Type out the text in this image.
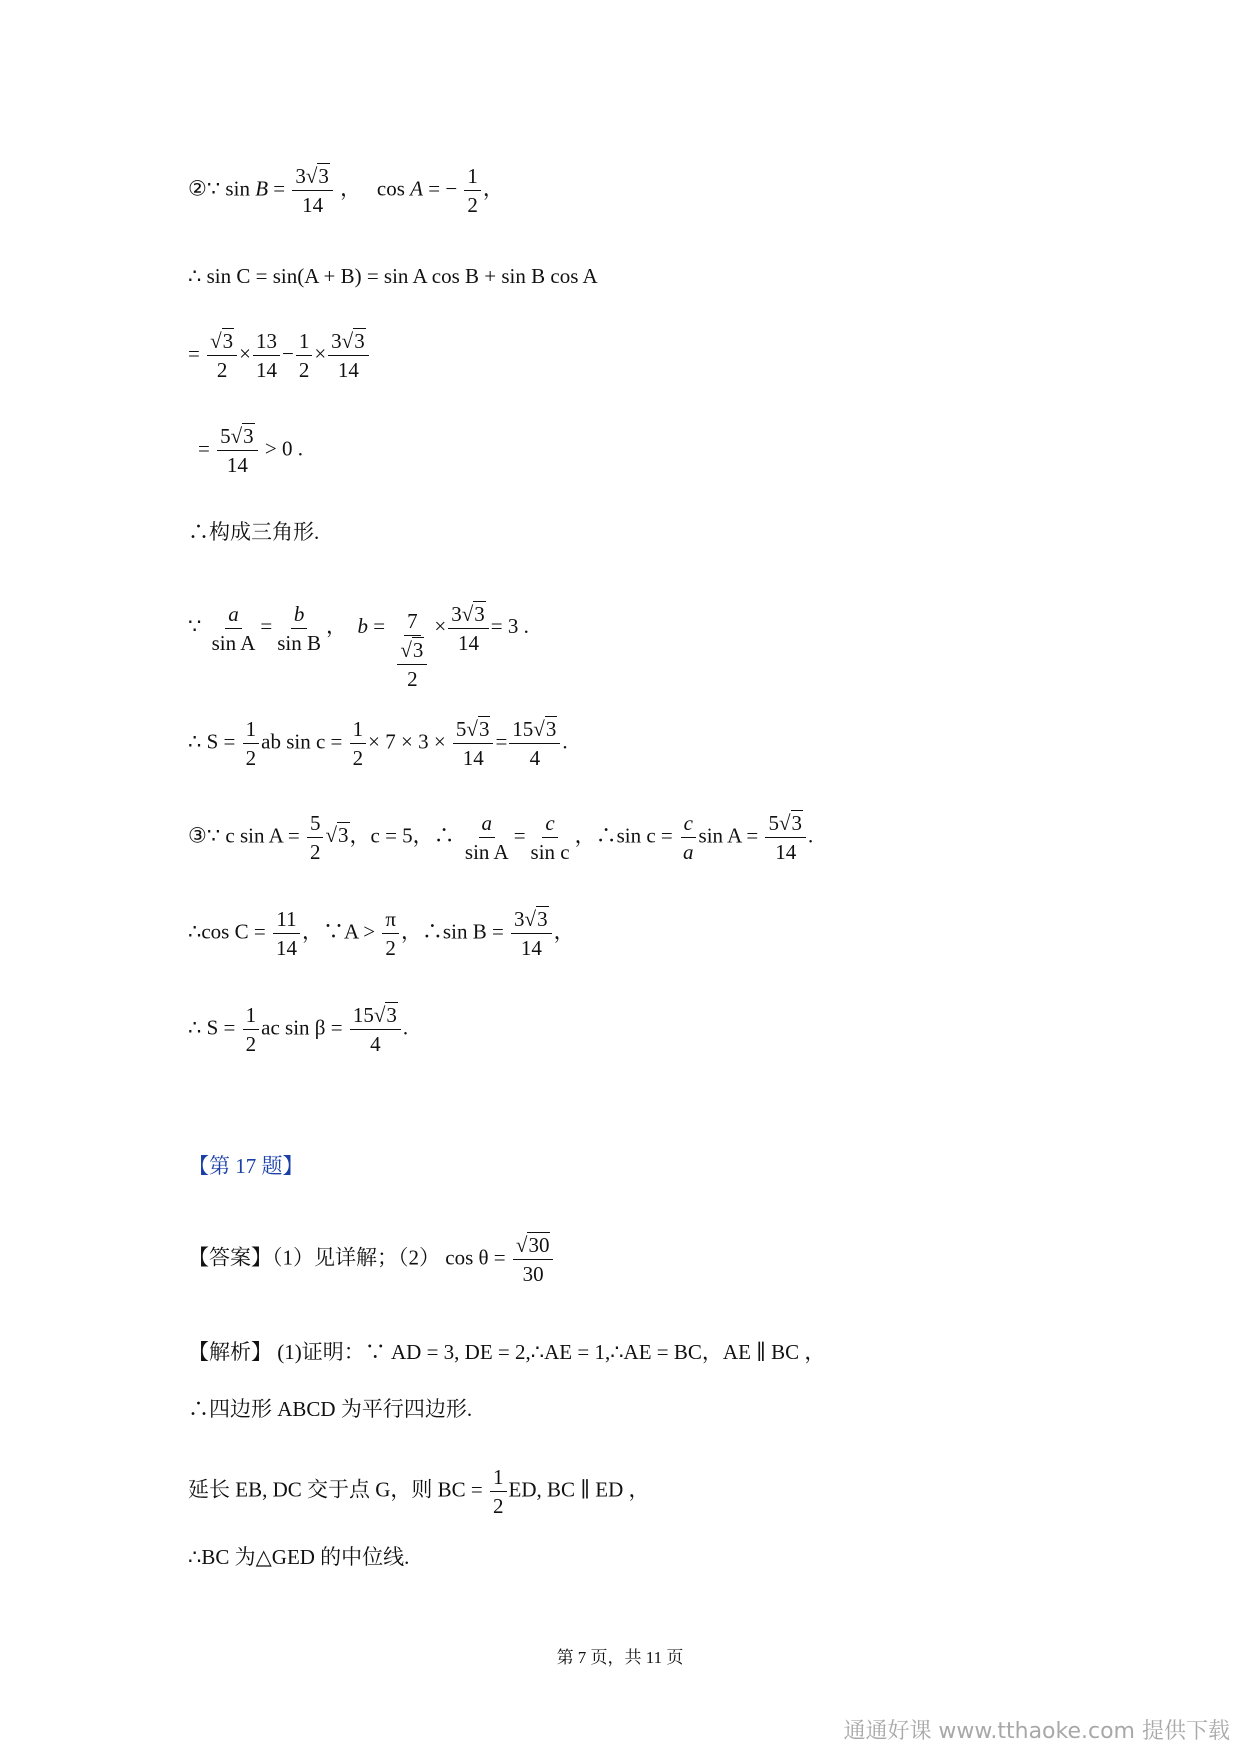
②∵ $\sin B = \frac{3√3}{14}$ ， cos A = − $\frac{1}{2}$ ，
∴ sin C = sin(A + B) = sin A cos B + sin B cos A
= $\frac{√3}{2} \times \frac{13}{14} - \frac{1}{2} \times \frac{3√3}{14}$
= $\frac{5√3}{14} > 0$ .
∴构成三角形.
∵ $\frac{a}{\text{sin A}} = \frac{b}{\text{sin B}}$ ， $b = \frac{7}{\frac{√3}{2}} \times \frac{3√3}{14} = 3$ .
∴ $S = \frac{1}{2}$ ab $\sin c = \frac{1}{2} \times 7 \times 3 \times \frac{5√3}{14} = \frac{15√3}{4}$ .
③∵ c $\sin A = \frac{5}{2} √3$，c = 5，∴ $\frac{a}{\text{sin A}} = \frac{c}{\text{sin c}}$ ，∴sin $c = \frac{c}{a}$ $\sin A = \frac{5√3}{14}$ .
∴cos $C = \frac{11}{14}$ ，∵A > $\frac{\pi}{2}$ ，∴sin $B = \frac{3√3}{14}$ ，
∴ $S = \frac{1}{2}$ ac $\sin \beta = \frac{15√3}{4}$ .
【第 17 题】
【答案】（1）见详解；（2） $\cos \theta = \frac{√30}{30}$
【解析】 (1)证明：∵ AD = 3, DE = 2,∴AE = 1,∴AE = BC，AE ∥ BC ，
∴四边形 ABCD 为平行四边形.
延长 EB, DC 交于点 G，则 BC = $\frac{1}{2}$ ED, BC ∥ ED ，
∴BC 为△GED 的中位线.
第 7 页，共 11 页
通通好课 www.tthaoke.com 提供下载
